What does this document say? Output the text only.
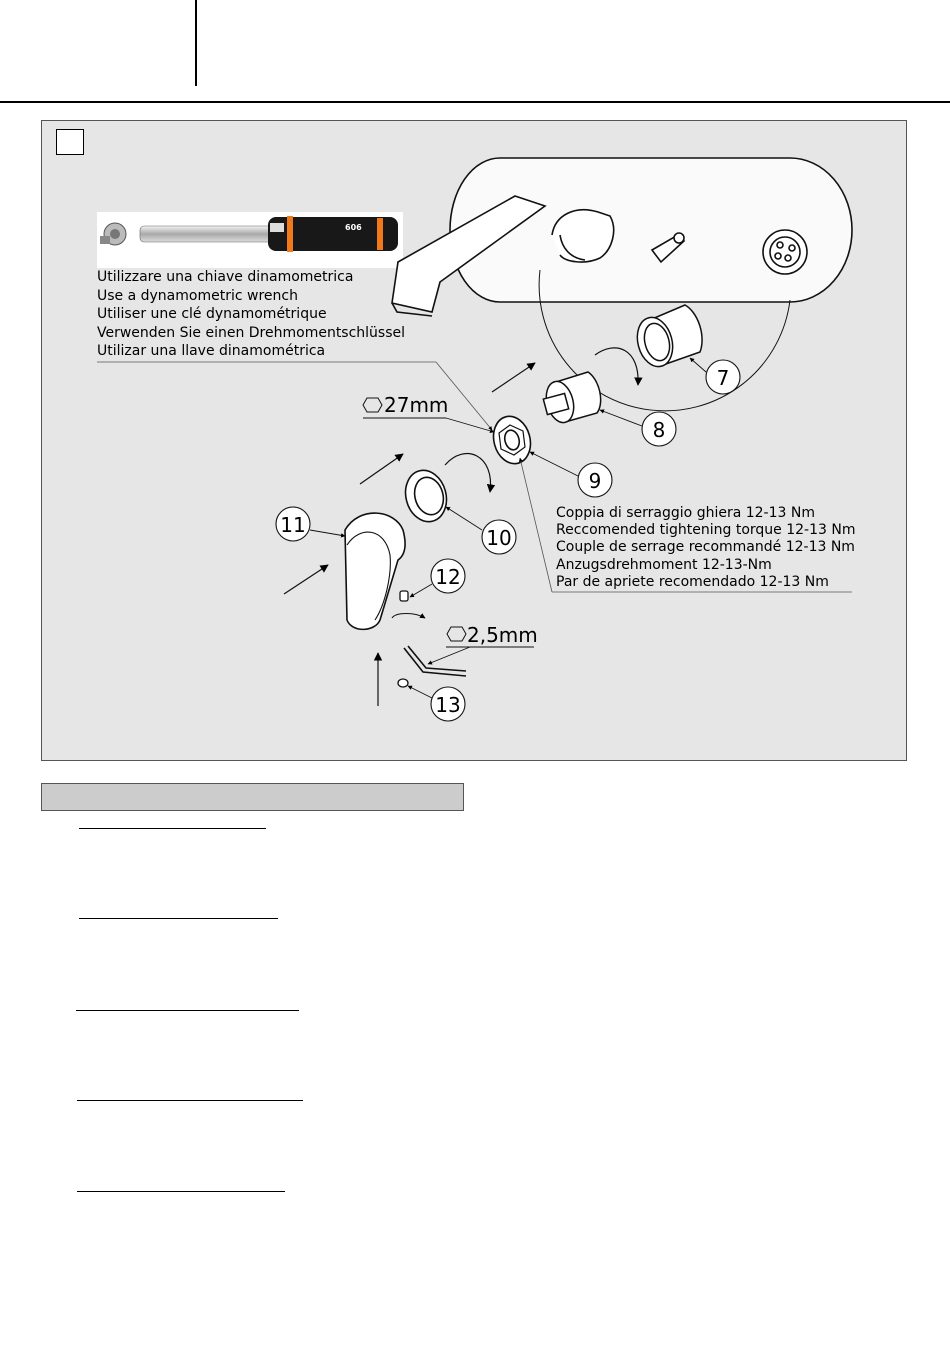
606
7
8
9
10
11
12
13
27mm
2,5mm
Utilizzare una chiave dinamometrica
Use a dynamometric wrench
Utiliser une clé dynamométrique
Verwenden Sie einen Drehmomentschlüssel
Utilizar una llave dinamométrica
Coppia di serraggio ghiera 12-13 Nm
Reccomended tightening torque 12-13 Nm
Couple de serrage recommandé 12-13 Nm
Anzugsdrehmoment 12-13-Nm
Par de apriete recomendado 12-13 Nm
